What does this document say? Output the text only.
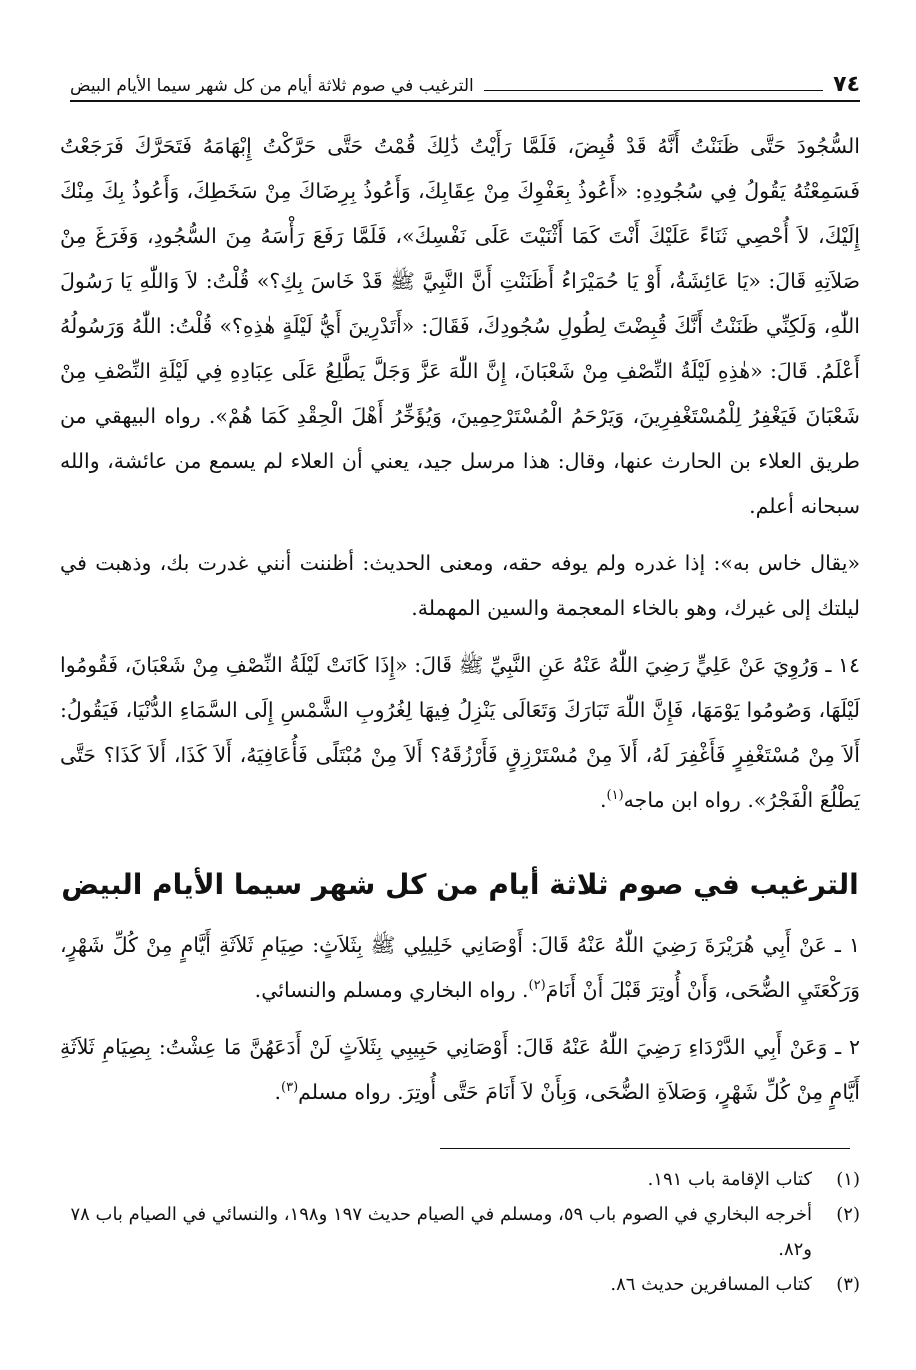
٧٤
الترغيب في صوم ثلاثة أيام من كل شهر سيما الأيام البيض

السُّجُودَ حَتَّى ظَنَنْتُ أَنَّهُ قَدْ قُبِضَ، فَلَمَّا رَأَيْتُ ذَٰلِكَ قُمْتُ حَتَّى حَرَّكْتُ إِبْهَامَهُ فَتَحَرَّكَ فَرَجَعْتُ فَسَمِعْتُهُ يَقُولُ فِي سُجُودِهِ: «أَعُوذُ بِعَفْوِكَ مِنْ عِقَابِكَ، وَأَعُوذُ بِرِضَاكَ مِنْ سَخَطِكَ، وَأَعُوذُ بِكَ مِنْكَ إِلَيْكَ، لاَ أُحْصِي ثَنَاءً عَلَيْكَ أَنْتَ كَمَا أَثْنَيْتَ عَلَى نَفْسِكَ»، فَلَمَّا رَفَعَ رَأْسَهُ مِنَ السُّجُودِ، وَفَرَغَ مِنْ صَلاَتِهِ قَالَ: «يَا عَائِشَةُ، أَوْ يَا حُمَيْرَاءُ أَظَنَنْتِ أَنَّ النَّبِيَّ ﷺ قَدْ خَاسَ بِكِ؟» قُلْتُ: لاَ وَاللّٰهِ يَا رَسُولَ اللّٰهِ، وَلَكِنِّي ظَنَنْتُ أَنَّكَ قُبِضْتَ لِطُولِ سُجُودِكَ، فَقَالَ: «أَتَدْرِينَ أَيُّ لَيْلَةٍ هٰذِهِ؟» قُلْتُ: اللّٰهُ وَرَسُولُهُ أَعْلَمُ. قَالَ: «هٰذِهِ لَيْلَةُ النِّصْفِ مِنْ شَعْبَانَ، إِنَّ اللّٰهَ عَزَّ وَجَلَّ يَطَّلِعُ عَلَى عِبَادِهِ فِي لَيْلَةِ النِّصْفِ مِنْ شَعْبَانَ فَيَغْفِرُ لِلْمُسْتَغْفِرِينَ، وَيَرْحَمُ الْمُسْتَرْحِمِينَ، وَيُؤَخِّرُ أَهْلَ الْحِقْدِ كَمَا هُمْ». رواه البيهقي من طريق العلاء بن الحارث عنها، وقال: هذا مرسل جيد، يعني أن العلاء لم يسمع من عائشة، والله سبحانه أعلم.

«يقال خاس به»: إذا غدره ولم يوفه حقه، ومعنى الحديث: أظننت أنني غدرت بك، وذهبت في ليلتك إلى غيرك، وهو بالخاء المعجمة والسين المهملة.

١٤ ـ وَرُوِيَ عَنْ عَلِيٍّ رَضِيَ اللّٰهُ عَنْهُ عَنِ النَّبِيِّ ﷺ قَالَ: «إِذَا كَانَتْ لَيْلَةُ النِّصْفِ مِنْ شَعْبَانَ، فَقُومُوا لَيْلَهَا، وَصُومُوا يَوْمَهَا، فَإِنَّ اللّٰهَ تَبَارَكَ وَتَعَالَى يَنْزِلُ فِيهَا لِغُرُوبِ الشَّمْسِ إِلَى السَّمَاءِ الدُّنْيَا، فَيَقُولُ: أَلاَ مِنْ مُسْتَغْفِرٍ فَأَغْفِرَ لَهُ، أَلاَ مِنْ مُسْتَرْزِقٍ فَأَرْزُقَهُ؟ أَلاَ مِنْ مُبْتَلًى فَأُعَافِيَهُ، أَلاَ كَذَا، أَلاَ كَذَا؟ حَتَّى يَطْلُعَ الْفَجْرُ». رواه ابن ماجه$^{(١)}$.

الترغيب في صوم ثلاثة أيام من كل شهر سيما الأيام البيض

١ ـ عَنْ أَبِي هُرَيْرَةَ رَضِيَ اللّٰهُ عَنْهُ قَالَ: أَوْصَانِي خَلِيلِي ﷺ بِثَلاَثٍ: صِيَامِ ثَلاَثَةِ أَيَّامٍ مِنْ كُلِّ شَهْرٍ، وَرَكْعَتَيِ الضُّحَى، وَأَنْ أُوتِرَ قَبْلَ أَنْ أَنَامَ$^{(٢)}$. رواه البخاري ومسلم والنسائي.

٢ ـ وَعَنْ أَبِي الدَّرْدَاءِ رَضِيَ اللّٰهُ عَنْهُ قَالَ: أَوْصَانِي حَبِيبِي بِثَلاَثٍ لَنْ أَدَعَهُنَّ مَا عِشْتُ: بِصِيَامِ ثَلاَثَةِ أَيَّامٍ مِنْ كُلِّ شَهْرٍ، وَصَلاَةِ الضُّحَى، وَبِأَنْ لاَ أَنَامَ حَتَّى أُوتِرَ. رواه مسلم$^{(٣)}$.

(١)
كتاب الإقامة باب ١٩١.
(٢)
أخرجه البخاري في الصوم باب ٥٩، ومسلم في الصيام حديث ١٩٧ و١٩٨، والنسائي في الصيام باب ٧٨ و٨٢.
(٣)
كتاب المسافرين حديث ٨٦.
